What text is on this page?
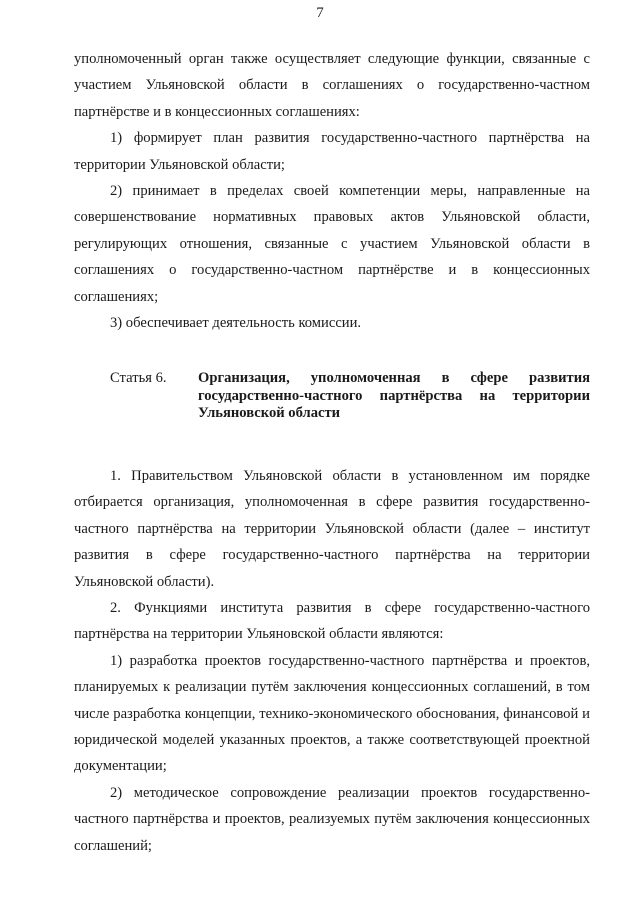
7

уполномоченный орган также осуществляет следующие функции, связанные с участием Ульяновской области в соглашениях о государственно-частном партнёрстве и в концессионных соглашениях:

1) формирует план развития государственно-частного партнёрства на территории Ульяновской области;

2) принимает в пределах своей компетенции меры, направленные на совершенствование нормативных правовых актов Ульяновской области, регулирующих отношения, связанные с участием Ульяновской области в соглашениях о государственно-частном партнёрстве и в концессионных соглашениях;

3) обеспечивает деятельность комиссии.

Статья 6.	Организация, уполномоченная в сфере развития государственно-частного партнёрства на территории
Ульяновской области

1. Правительством Ульяновской области в установленном им порядке отбирается организация, уполномоченная в сфере развития государственно-частного партнёрства на территории Ульяновской области (далее – институт развития в сфере государственно-частного партнёрства на территории Ульяновской области).

2. Функциями института развития в сфере государственно-частного партнёрства на территории Ульяновской области являются:

1) разработка проектов государственно-частного партнёрства и проектов, планируемых к реализации путём заключения концессионных соглашений, в том числе разработка концепции, технико-экономического обоснования, финансовой и юридической моделей указанных проектов, а также соответствующей проектной документации;

2) методическое сопровождение реализации проектов государственно-частного партнёрства и проектов, реализуемых путём заключения концессионных соглашений;
